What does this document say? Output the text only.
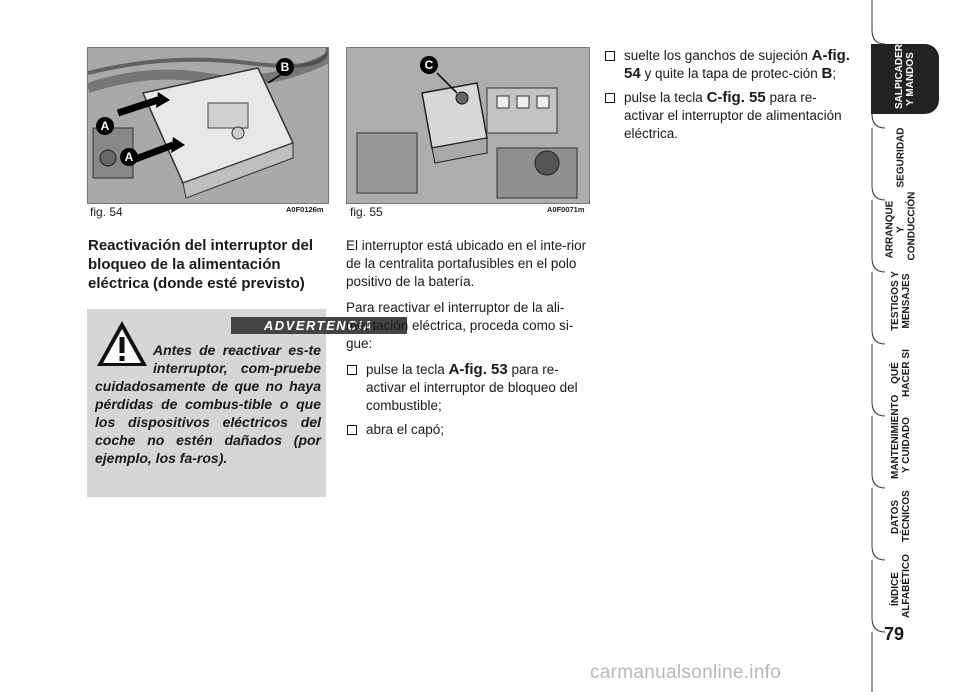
A
A
B
fig. 54	A0F0126m
C
fig. 55	A0F0071m
Reactivación del interruptor del bloqueo de la alimentación eléctrica (donde esté previsto)
ADVERTENCIA
Antes de reactivar es-te interruptor, com-pruebe cuidadosamente de que no haya pérdidas de combus-tible o que los dispositivos eléctricos del coche no estén dañados (por ejemplo, los fa-ros).

El interruptor está ubicado en el inte-rior de la centralita portafusibles en el polo positivo de la batería.

Para reactivar el interruptor de la ali-mentación eléctrica, proceda como si-gue:

pulse la tecla A-fig. 53 para re-activar el interruptor de bloqueo del combustible;
abra el capó;
suelte los ganchos de sujeción A-fig. 54 y quite la tapa de protec-ción B;
pulse la tecla C-fig. 55 para re-activar el interruptor de alimentación eléctrica.
SALPICADERO Y MANDOS
SEGURIDAD
ARRANQUE Y CONDUCCIÓN
TESTIGOS Y MENSAJES
QUÉ HACER SI
MANTENIMIENTO Y CUIDADO
DATOS TÉCNICOS
ÍNDICE ALFABÉTICO
79
carmanualsonline.info
